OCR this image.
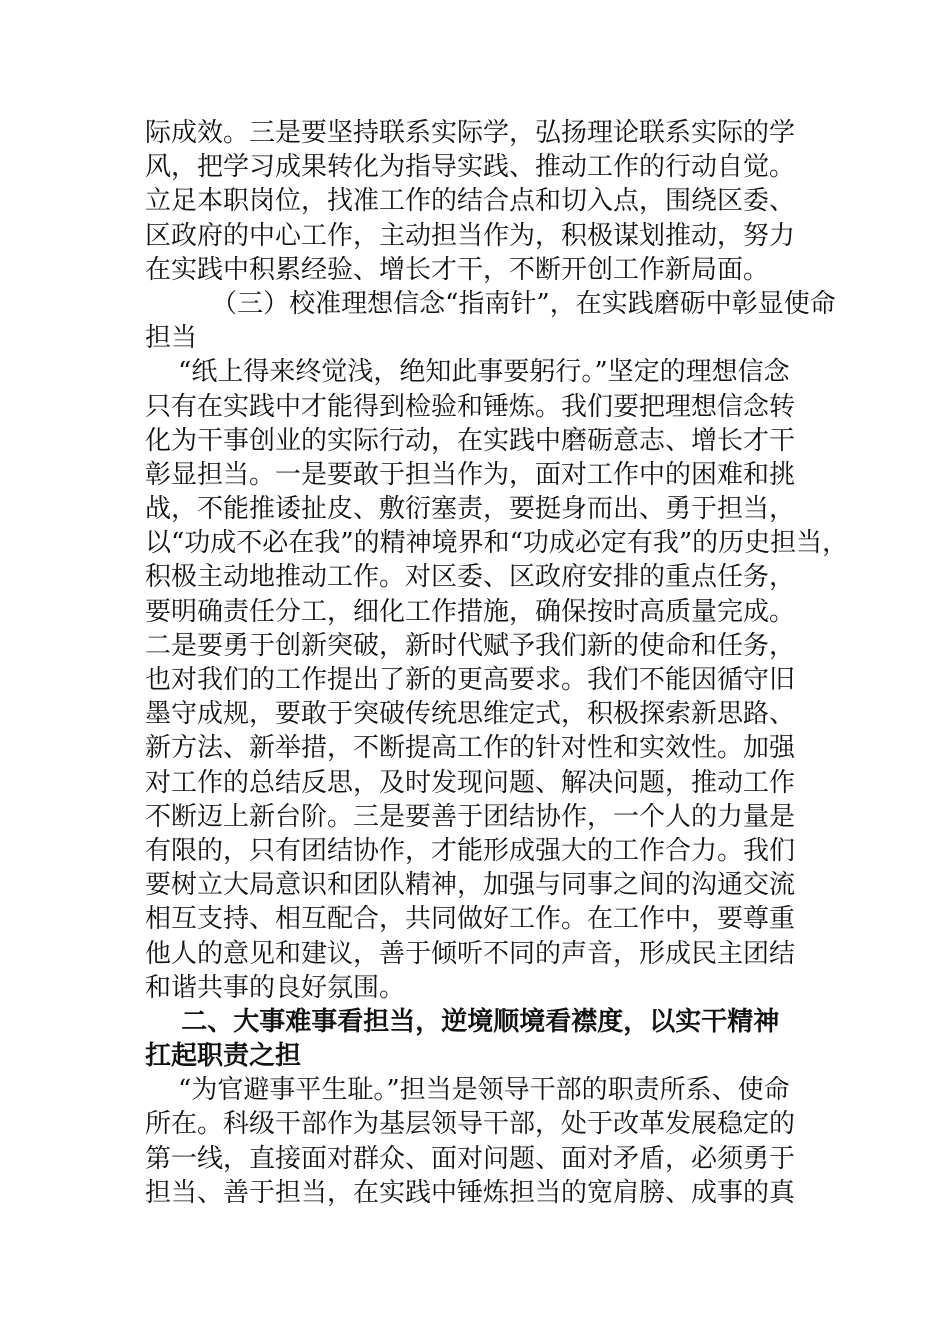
际成效。三是要坚持联系实际学，弘扬理论联系实际的学
风，把学习成果转化为指导实践、推动工作的行动自觉。
立足本职岗位，找准工作的结合点和切入点，围绕区委、
区政府的中心工作，主动担当作为，积极谋划推动，努力
在实践中积累经验、增长才干，不断开创工作新局面。
（三）校准理想信念“指南针”，在实践磨砺中彰显使命
担当
“纸上得来终觉浅，绝知此事要躬行。”坚定的理想信念
只有在实践中才能得到检验和锤炼。我们要把理想信念转
化为干事创业的实际行动，在实践中磨砺意志、增长才干
彰显担当。一是要敢于担当作为，面对工作中的困难和挑
战，不能推诿扯皮、敷衍塞责，要挺身而出、勇于担当，
以“功成不必在我”的精神境界和“功成必定有我”的历史担当，
积极主动地推动工作。对区委、区政府安排的重点任务，
要明确责任分工，细化工作措施，确保按时高质量完成。
二是要勇于创新突破，新时代赋予我们新的使命和任务，
也对我们的工作提出了新的更高要求。我们不能因循守旧
墨守成规，要敢于突破传统思维定式，积极探索新思路、
新方法、新举措，不断提高工作的针对性和实效性。加强
对工作的总结反思，及时发现问题、解决问题，推动工作
不断迈上新台阶。三是要善于团结协作，一个人的力量是
有限的，只有团结协作，才能形成强大的工作合力。我们
要树立大局意识和团队精神，加强与同事之间的沟通交流
相互支持、相互配合，共同做好工作。在工作中，要尊重
他人的意见和建议，善于倾听不同的声音，形成民主团结
和谐共事的良好氛围。
二、大事难事看担当，逆境顺境看襟度，以实干精神
扛起职责之担
“为官避事平生耻。”担当是领导干部的职责所系、使命
所在。科级干部作为基层领导干部，处于改革发展稳定的
第一线，直接面对群众、面对问题、面对矛盾，必须勇于
担当、善于担当，在实践中锤炼担当的宽肩膀、成事的真
